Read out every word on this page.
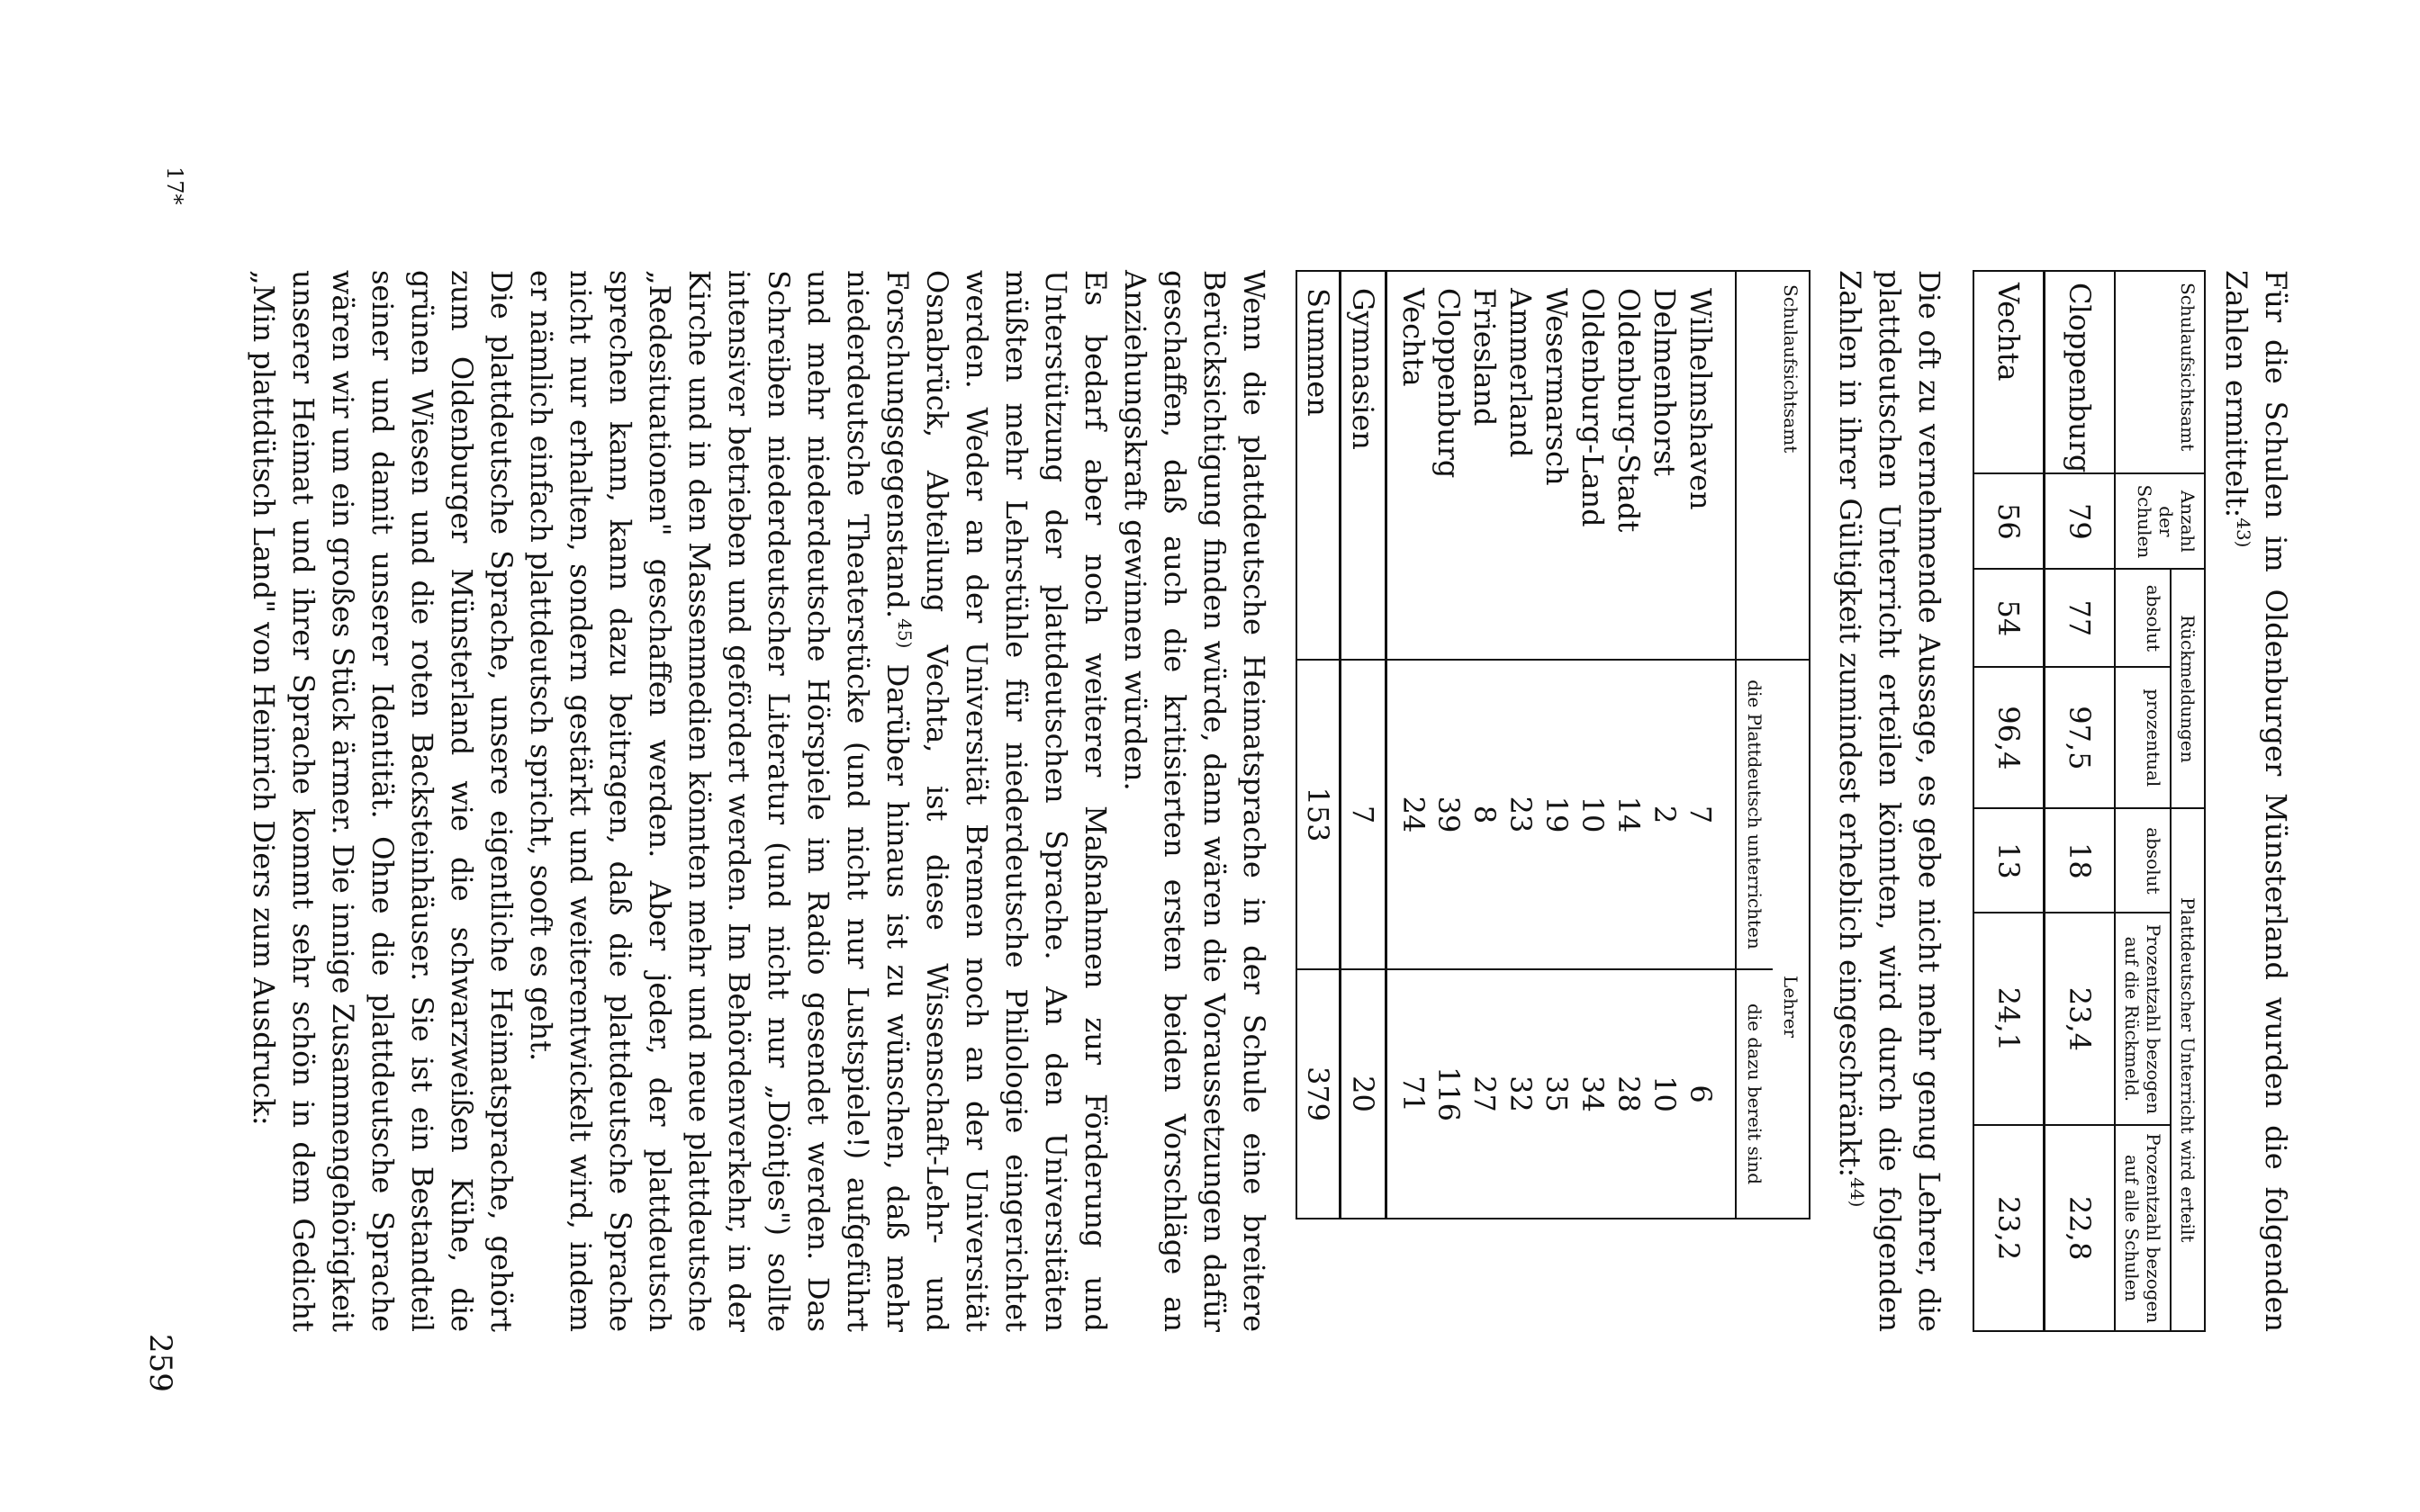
Für die Schulen im Oldenburger Münsterland wurden die folgenden Zahlen ermittelt:$^{43)}$

Schulaufsichtsamt	Anzahl der Schulen	Rückmeldungen		Plattdeutscher Unterricht wird erteilt		
		absolut	prozentual	absolut	Prozentzahl bezogen auf die Rückmeld.	Prozentzahl bezogen auf alle Schulen
Cloppenburg	79	77	97,5	18	23,4	22,8
Vechta	56	54	96,4	13	24,1	23,2

Die oft zu vernehmende Aussage, es gebe nicht mehr genug Lehrer, die plattdeutschen Unterricht erteilen könnten, wird durch die folgenden Zahlen in ihrer Gültigkeit zumindest erheblich eingeschränkt:$^{44)}$

Schulaufsichtsamt	Lehrer	
	die Plattdeutsch unterrichten	die dazu bereit sind
Wilhelmshaven	7	6
Delmenhorst	2	10
Oldenburg-Stadt	14	28
Oldenburg-Land	10	34
Wesermarsch	19	35
Ammerland	23	32
Friesland	8	27
Cloppenburg	39	116
Vechta	24	71
Gymnasien	7	20
Summen	153	379

Wenn die plattdeutsche Heimatsprache in der Schule eine breitere Berücksichtigung finden würde, dann wären die Voraussetzungen dafür geschaffen, daß auch die kritisierten ersten beiden Vorschläge an Anziehungskraft gewinnen würden.

Es bedarf aber noch weiterer Maßnahmen zur Förderung und Unterstützung der plattdeutschen Sprache. An den Universitäten müßten mehr Lehrstühle für niederdeutsche Philologie eingerichtet werden. Weder an der Universität Bremen noch an der Universität Osnabrück, Abteilung Vechta, ist diese Wissenschaft-Lehr- und Forschungsgegenstand.$^{45)}$ Darüber hinaus ist zu wünschen, daß mehr niederdeutsche Theaterstücke (und nicht nur Lustspiele!) aufgeführt und mehr niederdeutsche Hörspiele im Radio gesendet werden. Das Schreiben niederdeutscher Literatur (und nicht nur „Döntjes") sollte intensiver betrieben und gefördert werden. Im Behördenverkehr, in der Kirche und in den Massenmedien könnten mehr und neue plattdeutsche „Redesituationen" geschaffen werden. Aber jeder, der plattdeutsch sprechen kann, kann dazu beitragen, daß die plattdeutsche Sprache nicht nur erhalten, sondern gestärkt und weiterentwickelt wird, indem er nämlich einfach plattdeutsch spricht, sooft es geht.

Die plattdeutsche Sprache, unsere eigentliche Heimatsprache, gehört zum Oldenburger Münsterland wie die schwarzweißen Kühe, die grünen Wiesen und die roten Backsteinhäuser. Sie ist ein Bestandteil seiner und damit unserer Identität. Ohne die plattdeutsche Sprache wären wir um ein großes Stück ärmer. Die innige Zusammengehörigkeit unserer Heimat und ihrer Sprache kommt sehr schön in dem Gedicht „Min plattdütsch Land" von Heinrich Diers zum Ausdruck:

259
17*
